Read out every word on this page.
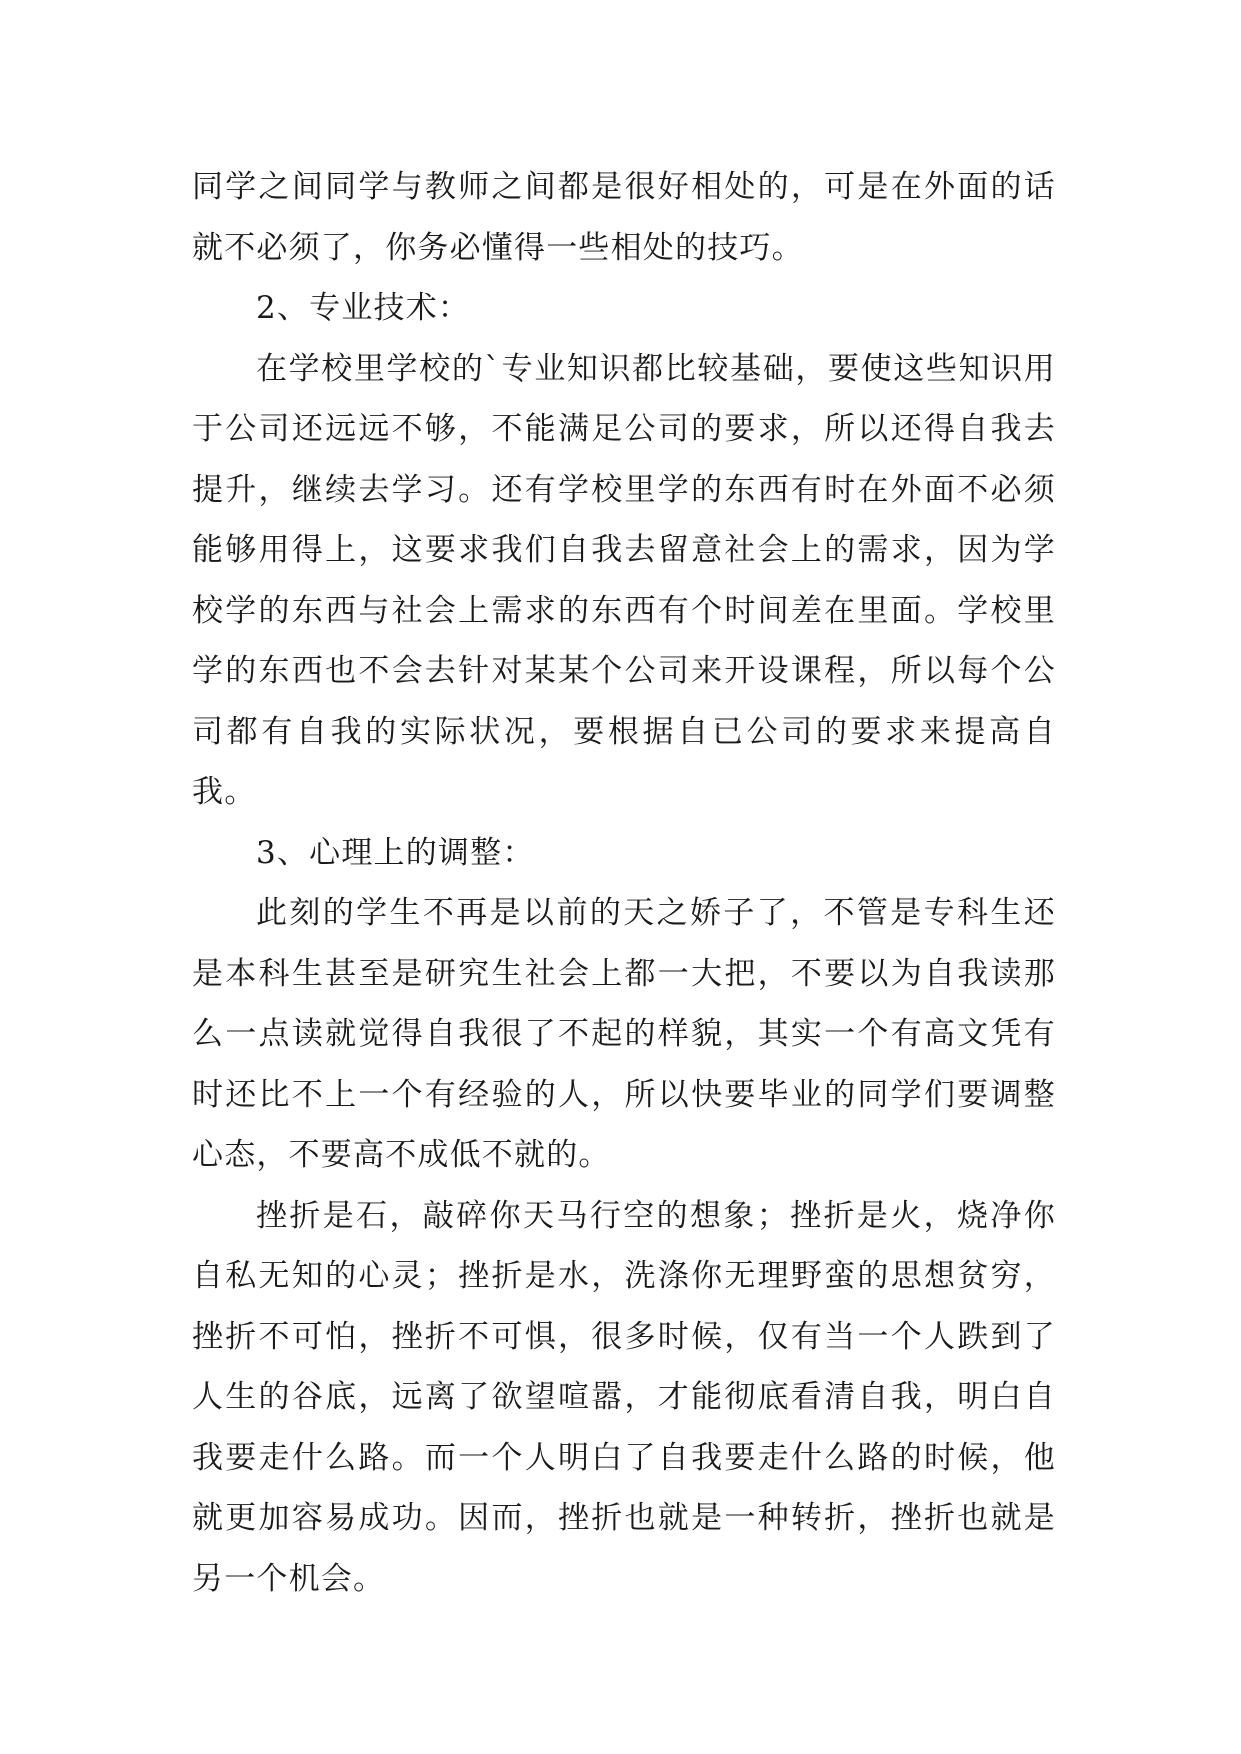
同学之间同学与教师之间都是很好相处的，可是在外面的话就不必须了，你务必懂得一些相处的技巧。

2、专业技术：

在学校里学校的`专业知识都比较基础，要使这些知识用于公司还远远不够，不能满足公司的要求，所以还得自我去提升，继续去学习。还有学校里学的东西有时在外面不必须能够用得上，这要求我们自我去留意社会上的需求，因为学校学的东西与社会上需求的东西有个时间差在里面。学校里学的东西也不会去针对某某个公司来开设课程，所以每个公司都有自我的实际状况，要根据自已公司的要求来提高自我。

3、心理上的调整：

此刻的学生不再是以前的天之娇子了，不管是专科生还是本科生甚至是研究生社会上都一大把，不要以为自我读那么一点读就觉得自我很了不起的样貌，其实一个有高文凭有时还比不上一个有经验的人，所以快要毕业的同学们要调整心态，不要高不成低不就的。

挫折是石，敲碎你天马行空的想象；挫折是火，烧净你自私无知的心灵；挫折是水，洗涤你无理野蛮的思想贫穷，挫折不可怕，挫折不可惧，很多时候，仅有当一个人跌到了人生的谷底，远离了欲望喧嚣，才能彻底看清自我，明白自我要走什么路。而一个人明白了自我要走什么路的时候，他就更加容易成功。因而，挫折也就是一种转折，挫折也就是另一个机会。
